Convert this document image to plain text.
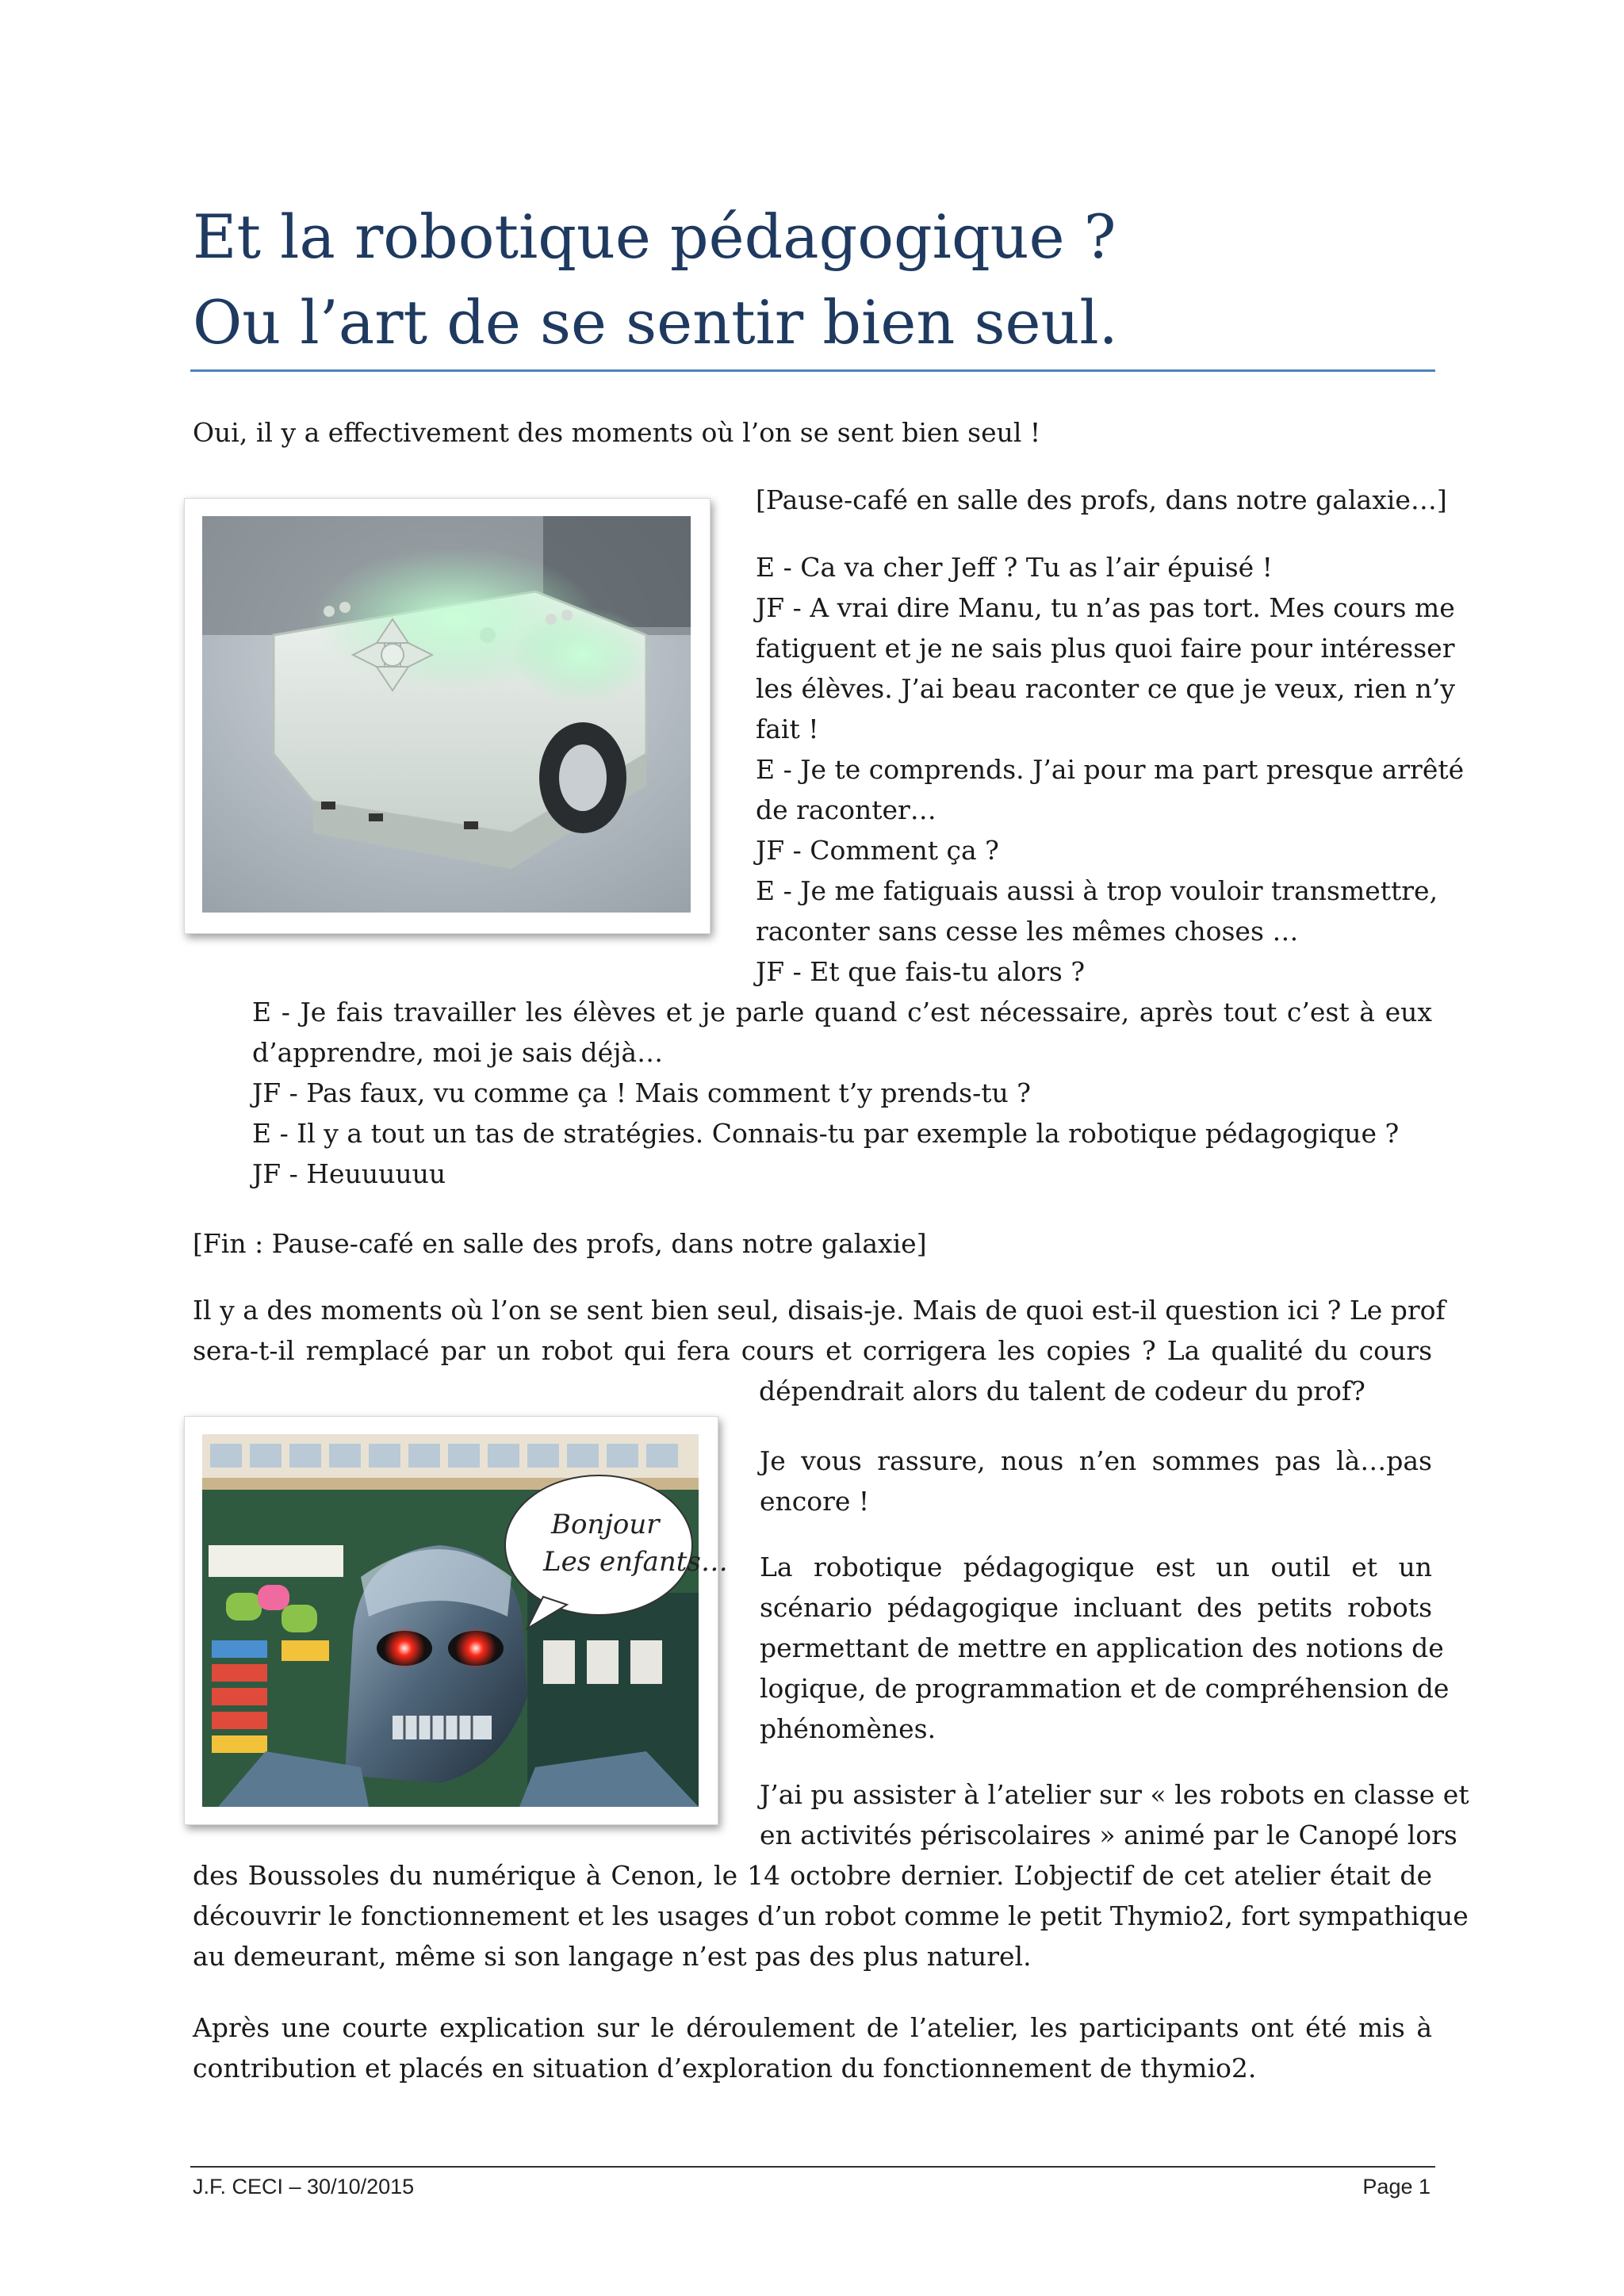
Et la robotique pédagogique ?
Ou l’art de se sentir bien seul.

Oui, il y a effectivement des moments où l’on se sent bien seul !

[Pause-café en salle des profs, dans notre galaxie…]

E - Ca va cher Jeff ? Tu as l’air épuisé !
JF - A vrai dire Manu, tu n’as pas tort. Mes cours me
fatiguent et je ne sais plus quoi faire pour intéresser
les élèves. J’ai beau raconter ce que je veux, rien n’y
fait !
E - Je te comprends. J’ai pour ma part presque arrêté
de raconter…
JF - Comment ça ?
E - Je me fatiguais aussi à trop vouloir transmettre,
raconter sans cesse les mêmes choses …
JF - Et que fais-tu alors ?
E - Je fais travailler les élèves et je parle quand c’est nécessaire, après tout c’est à eux
d’apprendre, moi je sais déjà…
JF - Pas faux, vu comme ça ! Mais comment t’y prends-tu ?
E - Il y a tout un tas de stratégies. Connais-tu par exemple la robotique pédagogique ?
JF - Heuuuuuu

[Fin : Pause-café en salle des profs, dans notre galaxie]

Il y a des moments où l’on se sent bien seul, disais-je. Mais de quoi est-il question ici ? Le prof
sera-t-il remplacé par un robot qui fera cours et corrigera les copies ? La qualité du cours
dépendrait alors du talent de codeur du prof?
Bonjour
Les enfants…
Je vous rassure, nous n’en sommes pas là…pas
encore !
La robotique pédagogique est un outil et un
scénario pédagogique incluant des petits robots
permettant de mettre en application des notions de
logique, de programmation et de compréhension de
phénomènes.
J’ai pu assister à l’atelier sur « les robots en classe et
en activités périscolaires » animé par le Canopé lors
des Boussoles du numérique à Cenon, le 14 octobre dernier. L’objectif de cet atelier était de
découvrir le fonctionnement et les usages d’un robot comme le petit Thymio2, fort sympathique
au demeurant, même si son langage n’est pas des plus naturel.
Après une courte explication sur le déroulement de l’atelier, les participants ont été mis à
contribution et placés en situation d’exploration du fonctionnement de thymio2.
J.F. CECI – 30/10/2015	Page 1
